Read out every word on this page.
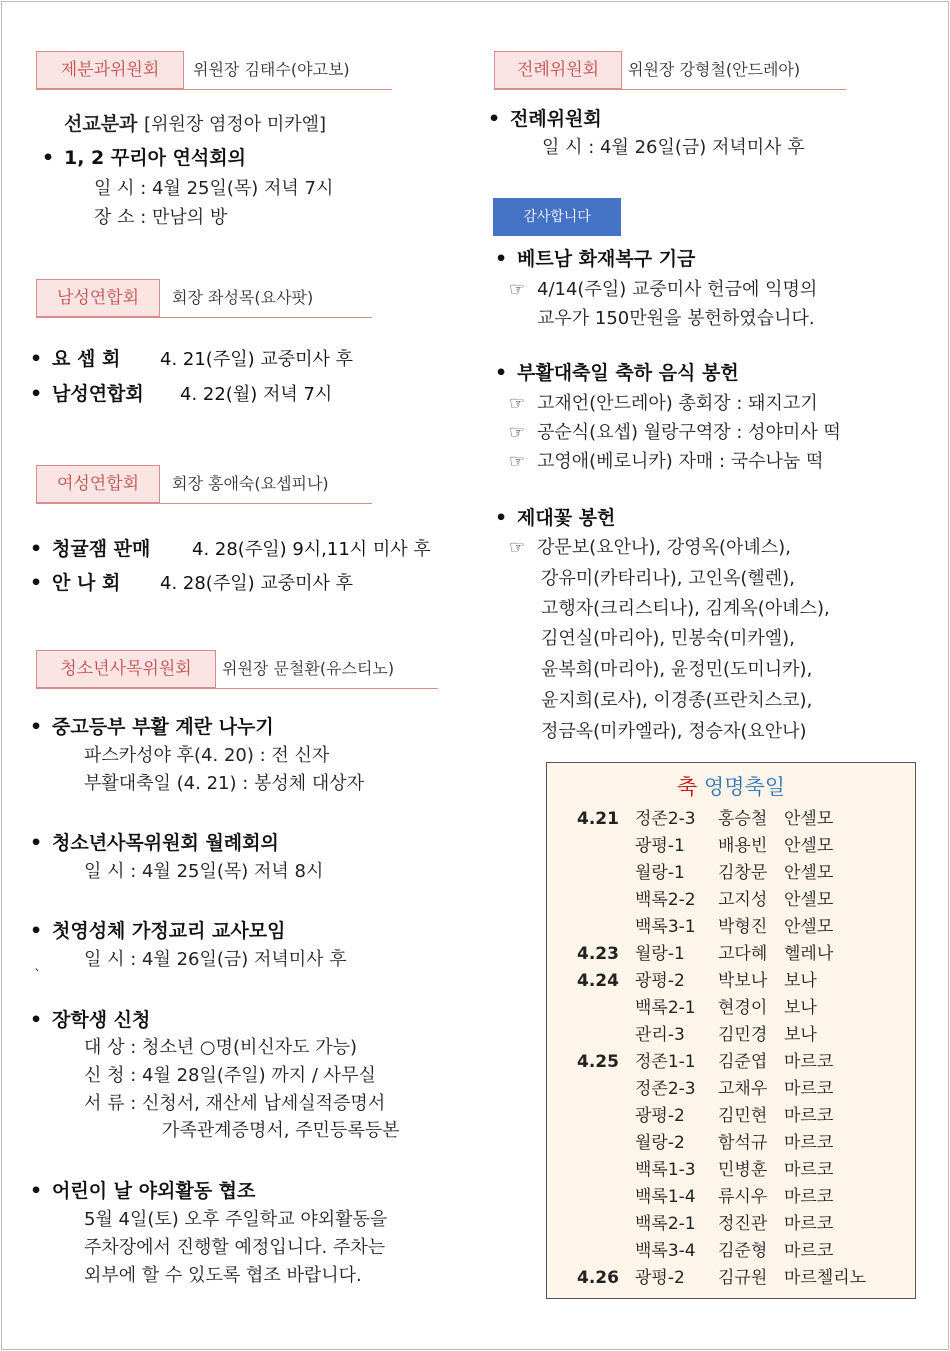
제분과위원회	위원장 김태수(야고보)
선교분과 [위원장 염정아 미카엘]
• 1, 2 꾸리아 연석회의
일 시 : 4월 25일(목) 저녁 7시
장 소 : 만남의 방
남성연합회	회장 좌성목(요사팟)
• 요 셉 회 4. 21(주일) 교중미사 후
• 남성연합회 4. 22(월) 저녁 7시
여성연합회	회장 홍애숙(요셉피나)
• 청귤잼 판매 4. 28(주일) 9시,11시 미사 후
• 안 나 회 4. 28(주일) 교중미사 후
청소년사목위원회	위원장 문철환(유스티노)
• 중고등부 부활 계란 나누기
파스카성야 후(4. 20) : 전 신자
부활대축일 (4. 21) : 봉성체 대상자
• 청소년사목위원회 월례회의
일 시 : 4월 25일(목) 저녁 8시
• 첫영성체 가정교리 교사모임
일 시 : 4월 26일(금) 저녁미사 후
`
• 장학생 신청
대 상 : 청소년 ○명(비신자도 가능)
신 청 : 4월 28일(주일) 까지 / 사무실
서 류 : 신청서, 재산세 납세실적증명서
가족관계증명서, 주민등록등본
• 어린이 날 야외활동 협조
5월 4일(토) 오후 주일학교 야외활동을
주차장에서 진행할 예정입니다. 주차는
외부에 할 수 있도록 협조 바랍니다.
전례위원회	위원장 강형철(안드레아)
• 전례위원회
일 시 : 4월 26일(금) 저녁미사 후
감사합니다
• 베트남 화재복구 기금
☞ 4/14(주일) 교중미사 헌금에 익명의
교우가 150만원을 봉헌하였습니다.
• 부활대축일 축하 음식 봉헌
☞ 고재언(안드레아) 총회장 : 돼지고기
☞ 공순식(요셉) 월랑구역장 : 성야미사 떡
☞ 고영애(베로니카) 자매 : 국수나눔 떡
• 제대꽃 봉헌
☞ 강문보(요안나), 강영옥(아녜스),
강유미(카타리나), 고인옥(헬렌),
고행자(크리스티나), 김계옥(아녜스),
김연실(마리아), 민봉숙(미카엘),
윤복희(마리아), 윤정민(도미니카),
윤지희(로사), 이경종(프란치스코),
정금옥(미카엘라), 정승자(요안나)
축 영명축일
4.21 정존2-3 홍승철 안셀모
광평-1 배용빈 안셀모
월랑-1 김창문 안셀모
백록2-2 고지성 안셀모
백록3-1 박형진 안셀모
4.23 월랑-1 고다혜 헬레나
4.24 광평-2 박보나 보나
백록2-1 현경이 보나
관리-3 김민경 보나
4.25 정존1-1 김준엽 마르코
정존2-3 고채우 마르코
광평-2 김민현 마르코
월랑-2 함석규 마르코
백록1-3 민병훈 마르코
백록1-4 류시우 마르코
백록2-1 정진관 마르코
백록3-4 김준형 마르코
4.26 광평-2 김규원 마르첼리노
